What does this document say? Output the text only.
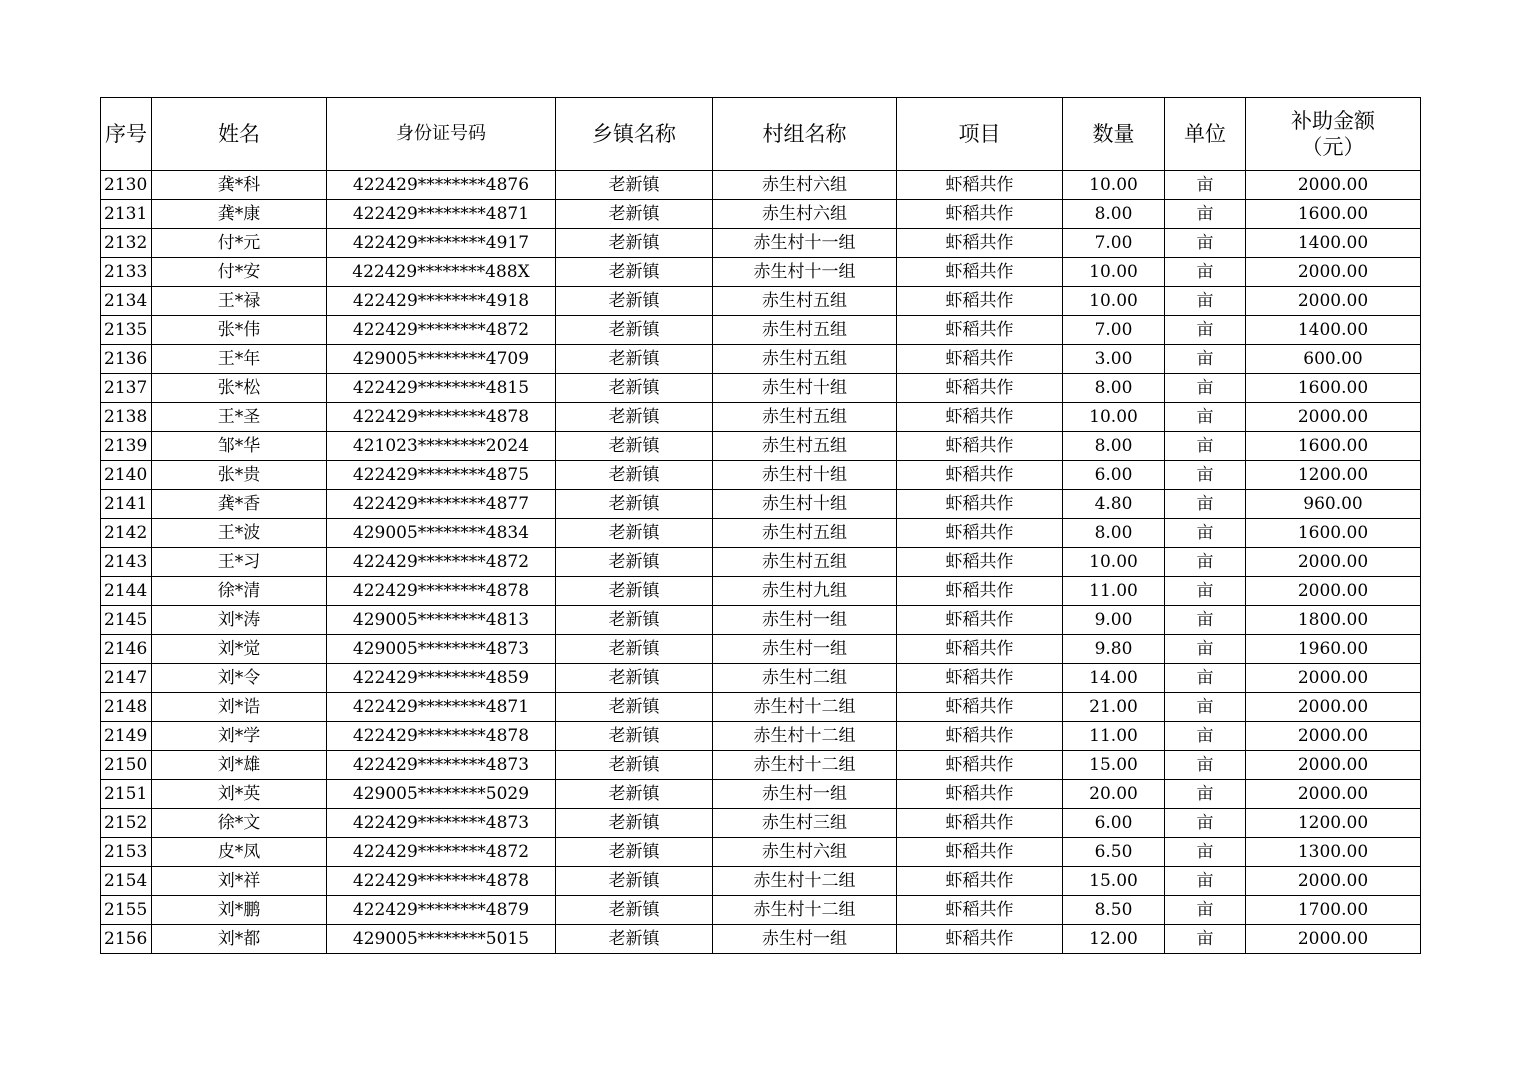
序号	姓名	身份证号码	乡镇名称	村组名称	项目	数量	单位	补助金额（元）

2130	龚*科	422429********4876	老新镇	赤生村六组	虾稻共作	10.00	亩	2000.00
2131	龚*康	422429********4871	老新镇	赤生村六组	虾稻共作	8.00	亩	1600.00
2132	付*元	422429********4917	老新镇	赤生村十一组	虾稻共作	7.00	亩	1400.00
2133	付*安	422429********488X	老新镇	赤生村十一组	虾稻共作	10.00	亩	2000.00
2134	王*禄	422429********4918	老新镇	赤生村五组	虾稻共作	10.00	亩	2000.00
2135	张*伟	422429********4872	老新镇	赤生村五组	虾稻共作	7.00	亩	1400.00
2136	王*年	429005********4709	老新镇	赤生村五组	虾稻共作	3.00	亩	600.00
2137	张*松	422429********4815	老新镇	赤生村十组	虾稻共作	8.00	亩	1600.00
2138	王*圣	422429********4878	老新镇	赤生村五组	虾稻共作	10.00	亩	2000.00
2139	邹*华	421023********2024	老新镇	赤生村五组	虾稻共作	8.00	亩	1600.00
2140	张*贵	422429********4875	老新镇	赤生村十组	虾稻共作	6.00	亩	1200.00
2141	龚*香	422429********4877	老新镇	赤生村十组	虾稻共作	4.80	亩	960.00
2142	王*波	429005********4834	老新镇	赤生村五组	虾稻共作	8.00	亩	1600.00
2143	王*习	422429********4872	老新镇	赤生村五组	虾稻共作	10.00	亩	2000.00
2144	徐*清	422429********4878	老新镇	赤生村九组	虾稻共作	11.00	亩	2000.00
2145	刘*涛	429005********4813	老新镇	赤生村一组	虾稻共作	9.00	亩	1800.00
2146	刘*觉	429005********4873	老新镇	赤生村一组	虾稻共作	9.80	亩	1960.00
2147	刘*令	422429********4859	老新镇	赤生村二组	虾稻共作	14.00	亩	2000.00
2148	刘*诰	422429********4871	老新镇	赤生村十二组	虾稻共作	21.00	亩	2000.00
2149	刘*学	422429********4878	老新镇	赤生村十二组	虾稻共作	11.00	亩	2000.00
2150	刘*雄	422429********4873	老新镇	赤生村十二组	虾稻共作	15.00	亩	2000.00
2151	刘*英	429005********5029	老新镇	赤生村一组	虾稻共作	20.00	亩	2000.00
2152	徐*文	422429********4873	老新镇	赤生村三组	虾稻共作	6.00	亩	1200.00
2153	皮*凤	422429********4872	老新镇	赤生村六组	虾稻共作	6.50	亩	1300.00
2154	刘*祥	422429********4878	老新镇	赤生村十二组	虾稻共作	15.00	亩	2000.00
2155	刘*鹏	422429********4879	老新镇	赤生村十二组	虾稻共作	8.50	亩	1700.00
2156	刘*都	429005********5015	老新镇	赤生村一组	虾稻共作	12.00	亩	2000.00
